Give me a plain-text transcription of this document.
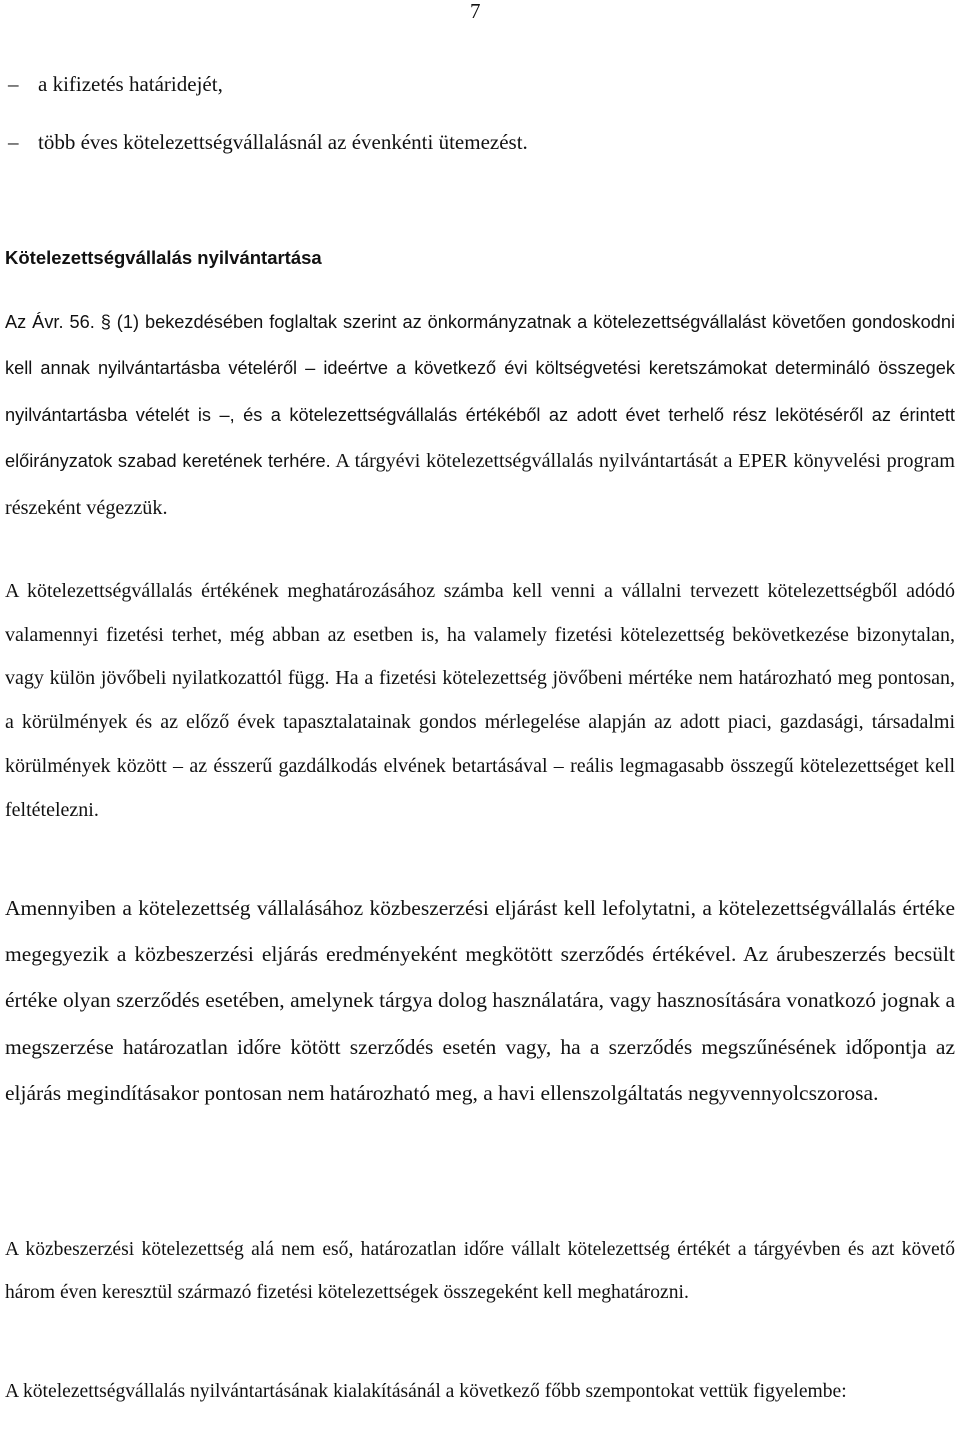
7
– a kifizetés határidejét,
– több éves kötelezettségvállalásnál az évenkénti ütemezést.
Kötelezettségvállalás nyilvántartása
Az Ávr. 56. § (1) bekezdésében foglaltak szerint az önkormányzatnak a kötelezettségvállalást követően gondoskodni kell annak nyilvántartásba vételéről – ideértve a következő évi költségvetési keretszámokat determináló összegek nyilvántartásba vételét is –, és a kötelezettségvállalás értékéből az adott évet terhelő rész lekötéséről az érintett előirányzatok szabad keretének terhére. A tárgyévi kötelezettségvállalás nyilvántartását a EPER könyvelési program részeként végezzük.
A kötelezettségvállalás értékének meghatározásához számba kell venni a vállalni tervezett kötelezettségből adódó valamennyi fizetési terhet, még abban az esetben is, ha valamely fizetési kötelezettség bekövetkezése bizonytalan, vagy külön jövőbeli nyilatkozattól függ. Ha a fizetési kötelezettség jövőbeni mértéke nem határozható meg pontosan, a körülmények és az előző évek tapasztalatainak gondos mérlegelése alapján az adott piaci, gazdasági, társadalmi körülmények között – az ésszerű gazdálkodás elvének betartásával – reális legmagasabb összegű kötelezettséget kell feltételezni.
Amennyiben a kötelezettség vállalásához közbeszerzési eljárást kell lefolytatni, a kötelezettségvállalás értéke megegyezik a közbeszerzési eljárás eredményeként megkötött szerződés értékével. Az árubeszerzés becsült értéke olyan szerződés esetében, amelynek tárgya dolog használatára, vagy hasznosítására vonatkozó jognak a megszerzése határozatlan időre kötött szerződés esetén vagy, ha a szerződés megszűnésének időpontja az eljárás megindításakor pontosan nem határozható meg, a havi ellenszolgáltatás negyvennyolcszorosa.
A közbeszerzési kötelezettség alá nem eső, határozatlan időre vállalt kötelezettség értékét a tárgyévben és azt követő három éven keresztül származó fizetési kötelezettségek összegeként kell meghatározni.
A kötelezettségvállalás nyilvántartásának kialakításánál a következő főbb szempontokat vettük figyelembe:
